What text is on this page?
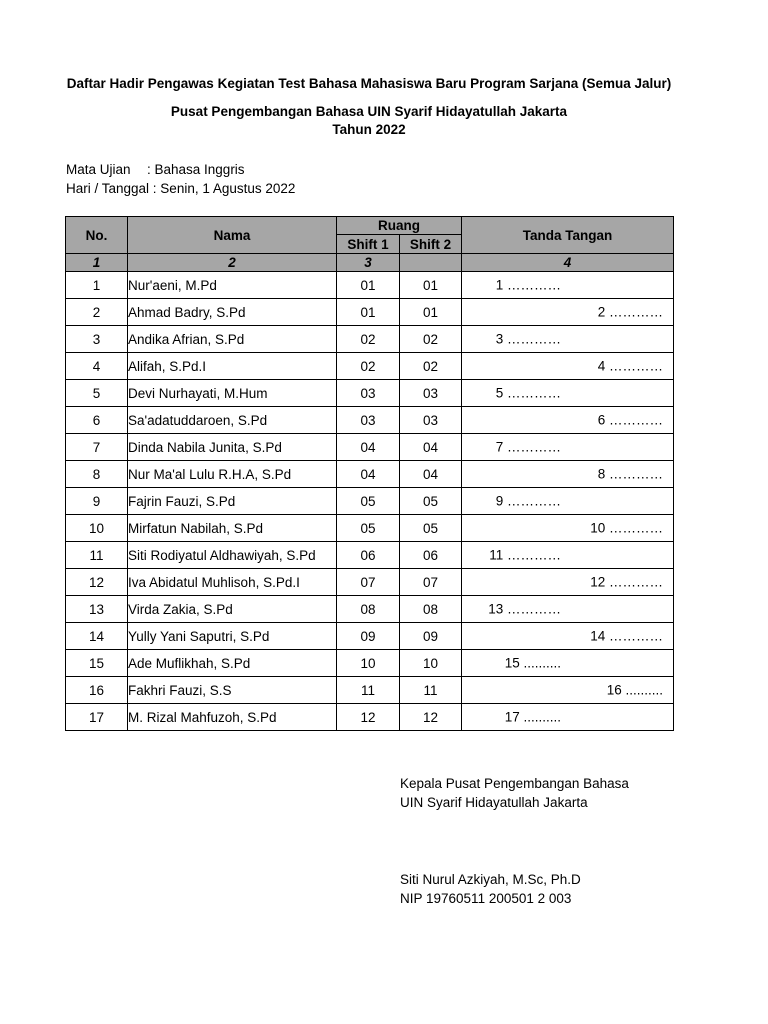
Daftar Hadir Pengawas Kegiatan Test Bahasa Mahasiswa Baru Program Sarjana (Semua Jalur)
Pusat Pengembangan Bahasa UIN Syarif Hidayatullah Jakarta
Tahun 2022
Mata Ujian : Bahasa Inggris
Hari / Tanggal : Senin, 1 Agustus 2022
No.	Nama	Ruang		Tanda Tangan
		Shift 1	Shift 2	
1	2	3		4
1	Nur'aeni, M.Pd	01	01	1 …………

2	Ahmad Badry, S.Pd	01	01	2 …………

3	Andika Afrian, S.Pd	02	02	3 …………

4	Alifah, S.Pd.I	02	02	4 …………

5	Devi Nurhayati, M.Hum	03	03	5 …………

6	Sa'adatuddaroen, S.Pd	03	03	6 …………

7	Dinda Nabila Junita, S.Pd	04	04	7 …………

8	Nur Ma'al Lulu R.H.A, S.Pd	04	04	8 …………

9	Fajrin Fauzi, S.Pd	05	05	9 …………

10	Mirfatun Nabilah, S.Pd	05	05	10 …………

11	Siti Rodiyatul Aldhawiyah, S.Pd	06	06	11 …………

12	Iva Abidatul Muhlisoh, S.Pd.I	07	07	12 …………

13	Virda Zakia, S.Pd	08	08	13 …………

14	Yully Yani Saputri, S.Pd	09	09	14 …………

15	Ade Muflikhah, S.Pd	10	10	15 ..........

16	Fakhri Fauzi, S.S	11	11	16 ..........

17	M. Rizal Mahfuzoh, S.Pd	12	12	17 ..........
Kepala Pusat Pengembangan Bahasa
UIN Syarif Hidayatullah Jakarta
Siti Nurul Azkiyah, M.Sc, Ph.D
NIP 19760511 200501 2 003
